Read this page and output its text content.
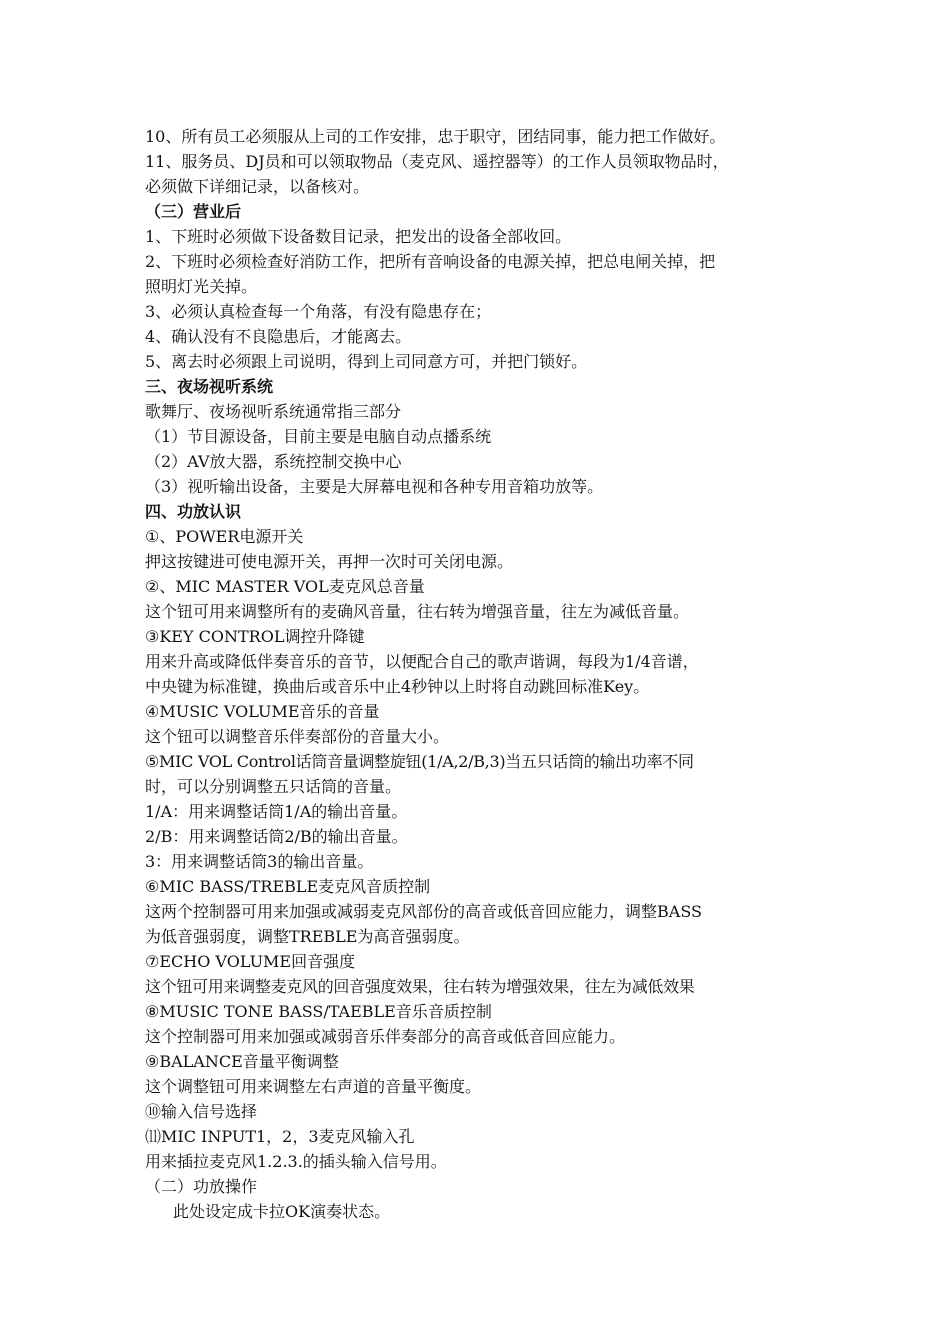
10、所有员工必须服从上司的工作安排，忠于职守，团结同事，能力把工作做好。
11、服务员、DJ员和可以领取物品（麦克风、遥控器等）的工作人员领取物品时，
必须做下详细记录，以备核对。
（三）营业后
1、下班时必须做下设备数目记录，把发出的设备全部收回。
2、下班时必须检查好消防工作，把所有音响设备的电源关掉，把总电闸关掉，把
照明灯光关掉。
3、必须认真检查每一个角落，有没有隐患存在；
4、确认没有不良隐患后，才能离去。
5、离去时必须跟上司说明，得到上司同意方可，并把门锁好。
三、夜场视听系统
歌舞厅、夜场视听系统通常指三部分
（1）节目源设备，目前主要是电脑自动点播系统
（2）AV放大器，系统控制交换中心
（3）视听输出设备，主要是大屏幕电视和各种专用音箱功放等。
四、功放认识
①、POWER电源开关
押这按键进可使电源开关，再押一次时可关闭电源。
②、MIC MASTER VOL麦克风总音量
这个钮可用来调整所有的麦确风音量，往右转为增强音量，往左为减低音量。
③KEY CONTROL调控升降键
用来升高或降低伴奏音乐的音节，以便配合自己的歌声谐调，每段为1/4音谱，
中央键为标准键，换曲后或音乐中止4秒钟以上时将自动跳回标准Key。
④MUSIC VOLUME音乐的音量
这个钮可以调整音乐伴奏部份的音量大小。
⑤MIC VOL Control话筒音量调整旋钮(1/A,2/B,3)当五只话筒的输出功率不同
时，可以分别调整五只话筒的音量。
1/A：用来调整话筒1/A的输出音量。
2/B：用来调整话筒2/B的输出音量。
3：用来调整话筒3的输出音量。
⑥MIC BASS/TREBLE麦克风音质控制
这两个控制器可用来加强或减弱麦克风部份的高音或低音回应能力，调整BASS
为低音强弱度，调整TREBLE为高音强弱度。
⑦ECHO VOLUME回音强度
这个钮可用来调整麦克风的回音强度效果，往右转为增强效果，往左为减低效果
⑧MUSIC TONE BASS/TAEBLE音乐音质控制
这个控制器可用来加强或减弱音乐伴奏部分的高音或低音回应能力。
⑨BALANCE音量平衡调整
这个调整钮可用来调整左右声道的音量平衡度。
⑩输入信号选择
⑾MIC INPUT1，2，3麦克风输入孔
用来插拉麦克风1.2.3.的插头输入信号用。
（二）功放操作
此处设定成卡拉OK演奏状态。
